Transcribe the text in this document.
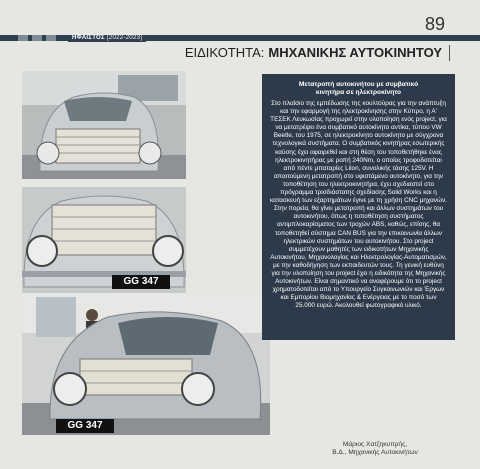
89
ΗΦΑΙΣΤΟΣ [2022-2023]
ΕΙΔΙΚΟΤΗΤΑ: ΜΗΧΑΝΙΚΗΣ ΑΥΤΟΚΙΝΗΤΟΥ
GG 347
GG 347
Μετατροπή αυτοκινήτου με συμβατικό
κινητήρα σε ηλεκτροκίνητο
Στο πλαίσιο της εμπέδωσης της κουλτούρας για την ανάπτυξη και την εφαρμογή της ηλεκτροκίνησης στην Κύπρο, η Α' ΤΕΣΕΚ Λευκωσίας προχωρεί στην υλοποίηση ενός project, για να μετατρέψει ένα συμβατικό αυτοκίνητο αντίκα, τύπου VW Beetle, του 1975, σε ηλεκτροκίνητο αυτοκίνητο με σύγχρονα τεχνολογικά συστήματα. Ο συμβατικός κινητήρας εσωτερικής καύσης έχει αφαιρεθεί και στη θέση του τοποθετήθηκε ένας ηλεκτροκινητήρας με ροπή 240Nm, ο οποίος τροφοδοτείται από πέντε μπαταρίες Lilon, συνολικής τάσης 125V. Η απαιτούμενη μετατροπή στο υφιστάμενο αυτοκίνητο, για την τοποθέτηση του ηλεκτροκινητήρα, έχει σχεδιαστεί στο πρόγραμμα τρισδιάστατης σχεδίασης Solid Works και η κατασκευή των εξαρτημάτων έγινε με τη χρήση CNC μηχανών. Στην πορεία, θα γίνει μετατροπή και άλλων συστημάτων του αυτοκινήτου, όπως η τοποθέτηση συστήματος αντιμπλοκαρίσματος των τροχών ABS, καθώς, επίσης, θα τοποθετηθεί σύστημα CAN BUS για την επικοινωνία άλλων ηλεκτρικών συστημάτων του αυτοκινήτου. Στο project συμμετέχουν μαθητές των ειδικοτήτων Μηχανικής Αυτοκινήτου, Μηχανολογίας και Ηλεκτρολογίας-Αυτοματισμών, με την καθοδήγηση των εκπαιδευτών τους. Τη γενική ευθύνη για την υλοποίηση του project έχει η ειδικότητα της Μηχανικής Αυτοκινήτων. Είναι σημαντικό να αναφέρουμε ότι το project χρηματοδοτείται από το Υπουργείο Συγκοινωνιών και Έργων και Εμπορίου Βιομηχανίας & Ενέργειας με το ποσό των 25.000 ευρώ. Ακολουθεί φωτογραφικό υλικό.
Μάριος Χατζηκυπρής,
Β.Δ., Μηχανικής Αυτοκινήτων
